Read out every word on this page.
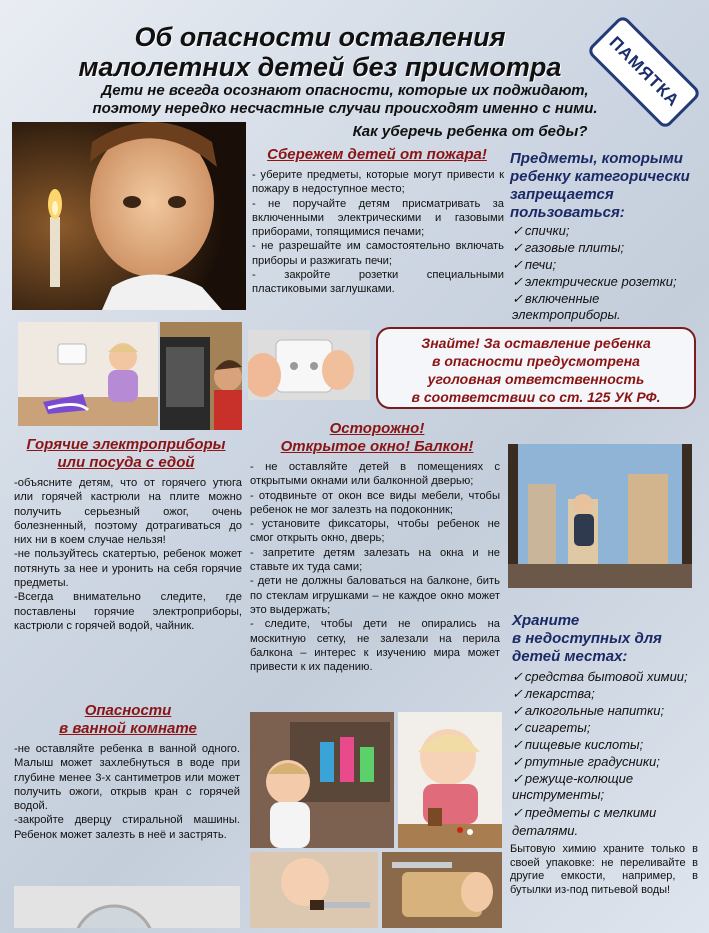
Об опасности оставления
малолетних детей без присмотра
Дети не всегда осознают опасности, которые их поджидают,
поэтому нередко несчастные случаи происходят именно с ними. ПАМЯТКА
Как уберечь ребенка от беды?
Сбережем детей от пожара!
- уберите предметы, которые могут привести к пожару в недоступное место;
- не поручайте детям присматривать за включенными электрическими и газовыми приборами, топящимися печами;
- не разрешайте им самостоятельно включать приборы и разжигать печи;
- закройте розетки специальными пластиковыми заглушками.
Предметы, которыми
ребенку категорически
запрещается
пользоваться:
✓ спички;
✓ газовые плиты;
✓ печи;
✓ электрические розетки;
✓ включенные
электроприборы.
Знайте! За оставление ребенка
в опасности предусмотрена
уголовная ответственность
в соответствии со ст. 125 УК РФ.
Горячие электроприборы
или посуда с едой
-объясните детям, что от горячего утюга или горячей кастрюли на плите можно получить серьезный ожог, очень болезненный, поэтому дотрагиваться до них ни в коем случае нельзя!
-не пользуйтесь скатертью, ребенок может потянуть за нее и уронить на себя горячие предметы.
-Всегда внимательно следите, где поставлены горячие электроприборы, кастрюли с горячей водой, чайник.
Осторожно!
Открытое окно! Балкон!
- не оставляйте детей в помещениях с открытыми окнами или балконной дверью;
- отодвиньте от окон все виды мебели, чтобы ребенок не мог залезть на подоконник;
- установите фиксаторы, чтобы ребенок не смог открыть окно, дверь;
- запретите детям залезать на окна и не ставьте их туда сами;
- дети не должны баловаться на балконе, бить по стеклам игрушками – не каждое окно может это выдержать;
- следите, чтобы дети не опирались на москитную сетку, не залезали на перила балкона – интерес к изучению мира может привести к их падению.
Храните
в недоступных для
детей местах:
✓ средства бытовой химии;
✓ лекарства;
✓ алкогольные напитки;
✓ сигареты;
✓ пищевые кислоты;
✓ ртутные градусники;
✓ режуще-колющие
инструменты;
✓ предметы с мелкими
деталями.
Бытовую химию храните только в своей упаковке: не переливайте в другие емкости, например, в бутылки из-под питьевой воды!
Опасности
в ванной комнате
-не оставляйте ребенка в ванной одного. Малыш может захлебнуться в воде при глубине менее 3-х сантиметров или может получить ожоги, открыв кран с горячей водой.
-закройте дверцу стиральной машины. Ребенок может залезть в неё и застрять.
